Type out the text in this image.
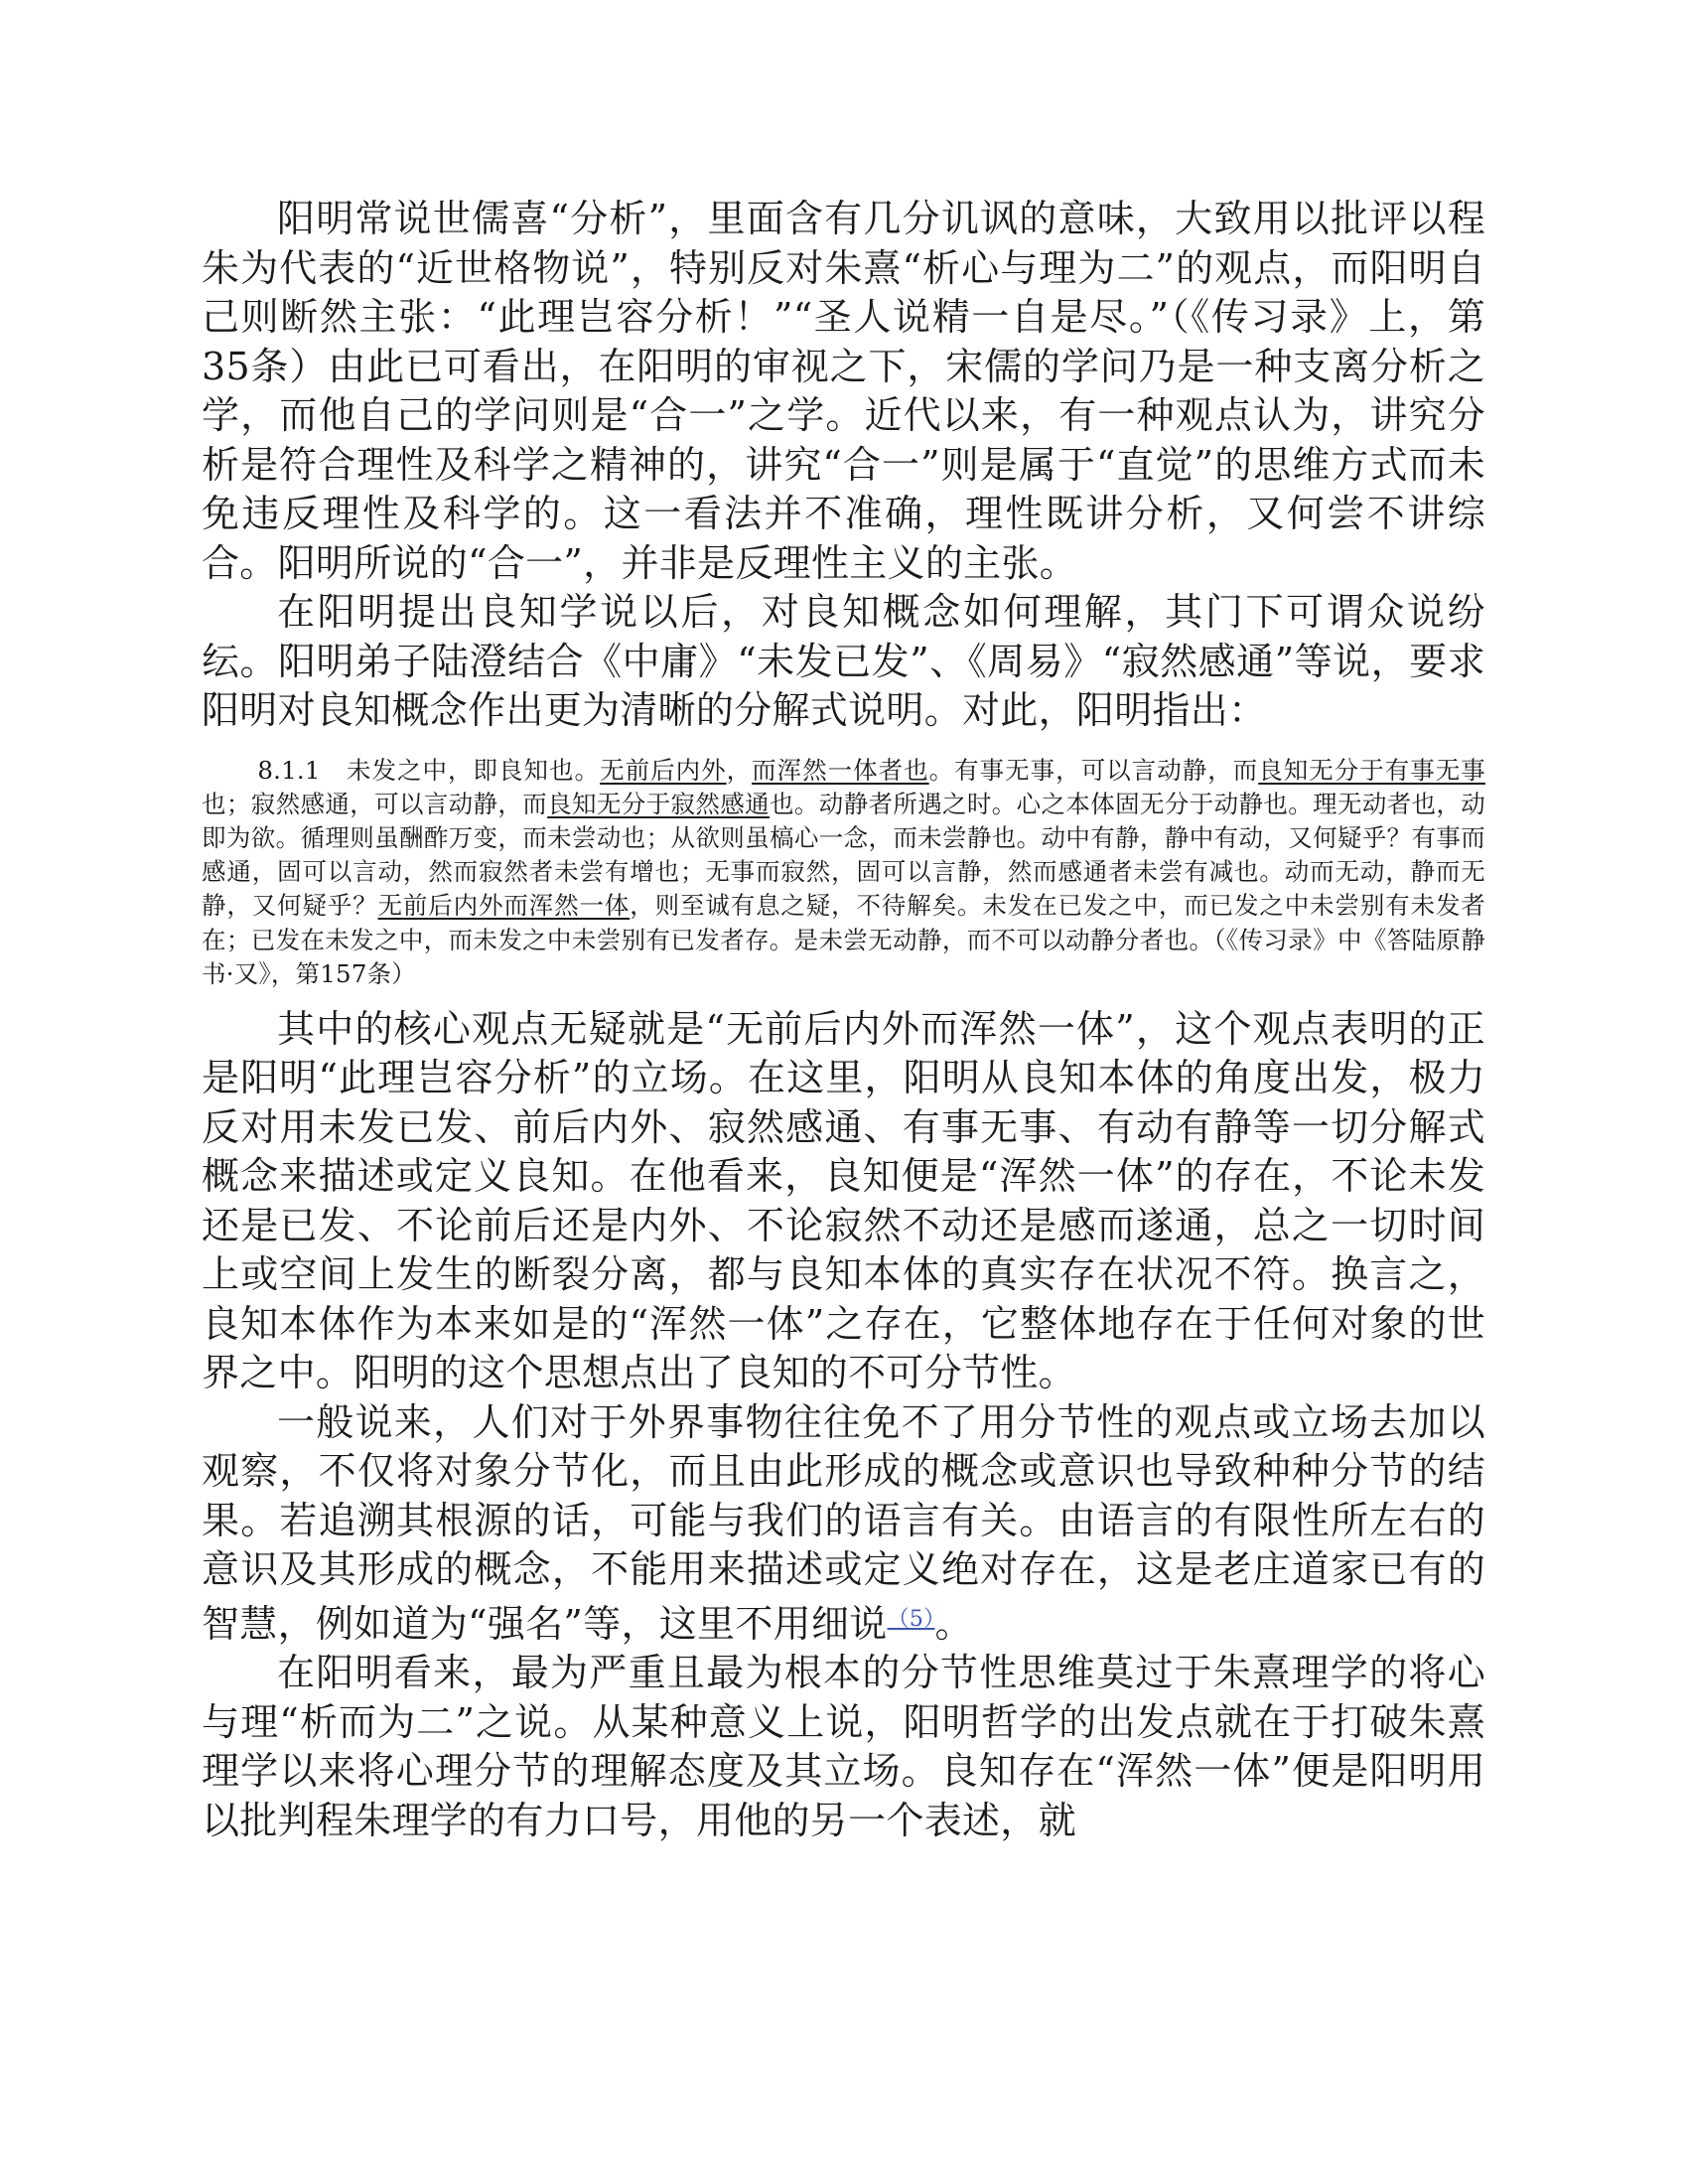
阳明常说世儒喜“分析”，里面含有几分讥讽的意味，大致用以批评以程朱为代表的“近世格物说”，特别反对朱熹“析心与理为二”的观点，而阳明自己则断然主张：“此理岂容分析！”“圣人说精一自是尽。”（《传习录》上，第35条）由此已可看出，在阳明的审视之下，宋儒的学问乃是一种支离分析之学，而他自己的学问则是“合一”之学。近代以来，有一种观点认为，讲究分析是符合理性及科学之精神的，讲究“合一”则是属于“直觉”的思维方式而未免违反理性及科学的。这一看法并不准确，理性既讲分析，又何尝不讲综合。阳明所说的“合一”，并非是反理性主义的主张。

在阳明提出良知学说以后，对良知概念如何理解，其门下可谓众说纷纭。阳明弟子陆澄结合《中庸》“未发已发”、《周易》“寂然感通”等说，要求阳明对良知概念作出更为清晰的分解式说明。对此，阳明指出：

8.1.1　未发之中，即良知也。无前后内外，而浑然一体者也。有事无事，可以言动静，而良知无分于有事无事也；寂然感通，可以言动静，而良知无分于寂然感通也。动静者所遇之时。心之本体固无分于动静也。理无动者也，动即为欲。循理则虽酬酢万变，而未尝动也；从欲则虽槁心一念，而未尝静也。动中有静，静中有动，又何疑乎？有事而感通，固可以言动，然而寂然者未尝有增也；无事而寂然，固可以言静，然而感通者未尝有减也。动而无动，静而无静，又何疑乎？无前后内外而浑然一体，则至诚有息之疑，不待解矣。未发在已发之中，而已发之中未尝别有未发者在；已发在未发之中，而未发之中未尝别有已发者存。是未尝无动静，而不可以动静分者也。（《传习录》中《答陆原静书·又》，第157条）

其中的核心观点无疑就是“无前后内外而浑然一体”，这个观点表明的正是阳明“此理岂容分析”的立场。在这里，阳明从良知本体的角度出发，极力反对用未发已发、前后内外、寂然感通、有事无事、有动有静等一切分解式概念来描述或定义良知。在他看来，良知便是“浑然一体”的存在，不论未发还是已发、不论前后还是内外、不论寂然不动还是感而遂通，总之一切时间上或空间上发生的断裂分离，都与良知本体的真实存在状况不符。换言之，良知本体作为本来如是的“浑然一体”之存在，它整体地存在于任何对象的世界之中。阳明的这个思想点出了良知的不可分节性。

一般说来，人们对于外界事物往往免不了用分节性的观点或立场去加以观察，不仅将对象分节化，而且由此形成的概念或意识也导致种种分节的结果。若追溯其根源的话，可能与我们的语言有关。由语言的有限性所左右的意识及其形成的概念，不能用来描述或定义绝对存在，这是老庄道家已有的智慧，例如道为“强名”等，这里不用细说$^{(5)}$。

在阳明看来，最为严重且最为根本的分节性思维莫过于朱熹理学的将心与理“析而为二”之说。从某种意义上说，阳明哲学的出发点就在于打破朱熹理学以来将心理分节的理解态度及其立场。良知存在“浑然一体”便是阳明用以批判程朱理学的有力口号，用他的另一个表述，就
